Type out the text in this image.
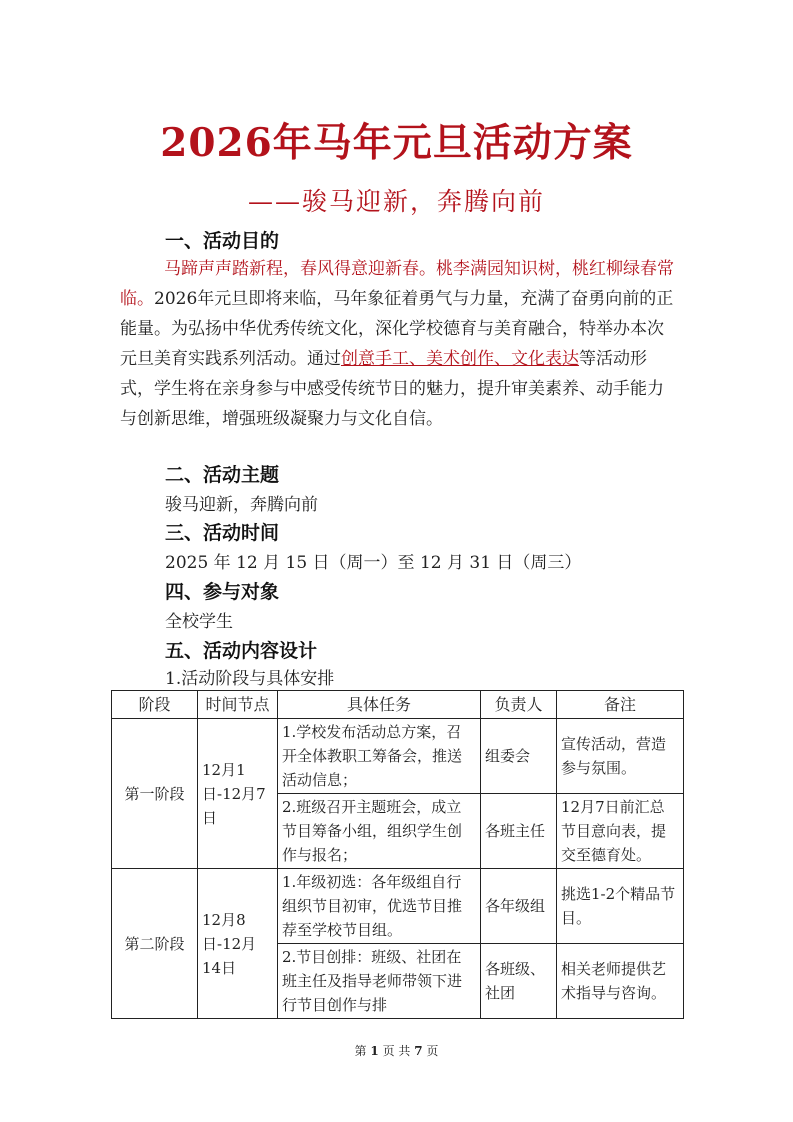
2026年马年元旦活动方案
——骏马迎新，奔腾向前
一、活动目的
马蹄声声踏新程，春风得意迎新春。桃李满园知识树，桃红柳绿春常临。2026年元旦即将来临，马年象征着勇气与力量，充满了奋勇向前的正能量。为弘扬中华优秀传统文化，深化学校德育与美育融合，特举办本次元旦美育实践系列活动。通过创意手工、美术创作、文化表达等活动形式，学生将在亲身参与中感受传统节日的魅力，提升审美素养、动手能力与创新思维，增强班级凝聚力与文化自信。
二、活动主题
骏马迎新，奔腾向前
三、活动时间
2025 年 12 月 15 日（周一）至 12 月 31 日（周三）
四、参与对象
全校学生
五、活动内容设计
1.活动阶段与具体安排
阶段	时间节点	具体任务	负责人	备注
第一阶段	12月1日-12月7日	1.学校发布活动总方案，召开全体教职工筹备会，推送活动信息；	组委会	宣传活动，营造参与氛围。
		2.班级召开主题班会，成立节目筹备小组，组织学生创作与报名；	各班主任	12月7日前汇总节目意向表，提交至德育处。
第二阶段	12月8日-12月14日	1.年级初选：各年级组自行组织节目初审，优选节目推荐至学校节目组。	各年级组	挑选1-2个精品节目。
		2.节目创排：班级、社团在班主任及指导老师带领下进行节目创作与排	各班级、社团	相关老师提供艺术指导与咨询。
第 1 页 共 7 页
